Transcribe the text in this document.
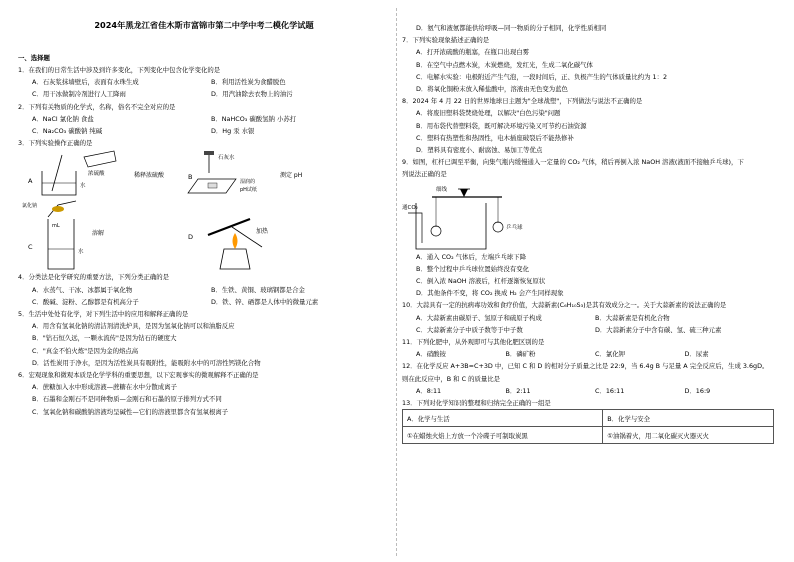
2024年黑龙江省佳木斯市富锦市第二中学中考二模化学试题
一、选择题
1．在我们的日常生活中涉及到许多变化，下列变化中包含化学变化的是
A．石灰浆抹墙壁后，表面有水珠生成	B．利用活性炭为食醋脱色
C．用干冰做制冷剂进行人工降雨	D．用汽油除去衣物上的油污
2．下列有关物质的化学式，名称，俗名不完全对应的是
A．NaCl 氯化钠 食盐	B．NaHCO₃ 碳酸氢钠 小苏打
C．Na₂CO₃ 碳酸钠 纯碱	D．Hg 汞 水银
3．下列实验操作正确的是
A
浓硫酸
水
稀释浓硫酸	B
石灰水
湿润的
pH试纸
测定 pH
氯化钠
C
mL
水
溶解	D
加热
4．分类法是化学研究的重要方法，下列分类正确的是
A．水蒸气、干冰、冰都属于氧化物	B．生铁、黄铜、玻璃钢都是合金
C．酸碱、淀粉、乙醇都是有机高分子	D．铁、锌、硒都是人体中的微量元素
5．生活中处处有化学，对下列生活中的应用和解释正确的是
A．用含有氢氧化钠的清洁剂清洗炉具，是因为氢氧化钠可以和油脂反应
B．"钻石恒久远，一颗永流传"是因为钻石的硬度大
C．"真金不怕火炼"是因为金的熔点高
D．活性炭用于净水，是因为活性炭具有吸附性，能吸附水中的可溶性钙镁化合物
6．宏观现象和微观本质是化学学科的重要思想，以下宏观事实的微观解释不正确的是
A．蔗糖加入水中形成溶液—蔗糖在水中分散成离子
B．石墨和金刚石不是同种物质—金刚石和石墨的原子排列方式不同
C．氢氧化钠和碳酸钠溶液均呈碱性—它们的溶液里都含有氢氧根离子
D．氨气和液氨都能供给呼吸—同一物质的分子相同，化学性质相同
7．下列实验现象描述正确的是
A．打开浓硫酸的瓶塞，在瓶口出现白雾
B．在空气中点燃木炭，木炭燃烧，发红光，生成二氧化碳气体
C．电解水实验：电极附近产生气泡，一段时间后，正、负极产生的气体质量比约为 1：2
D．将氧化铜粉末放入稀盐酸中，溶液由无色变为蓝色
8．2024 年 4 月 22 日的世界地球日主题为"全球战塑"，下列做法与说法不正确的是
A．将废旧塑料袋焚烧处理，以解决"白色污染"问题
B．用布袋代替塑料袋，既可解决环境污染又可节约石油资源
C．塑料有热塑性和热固性，电木插座破裂后不能热修补
D．塑料具有密度小、耐腐蚀、易加工等优点
9．如图，杠杆已调至平衡，向集气瓶内缓慢通入一定量的 CO₂ 气体，稍后再倒入浓 NaOH 溶液(液面不接触乒乓球)，下
列说法正确的是
细线
乒乓球
通CO₂
A．通入 CO₂ 气体后，左端乒乓球下降
B．整个过程中乒乓球位置始终没有变化
C．倒入浓 NaOH 溶液后，杠杆逐渐恢复原状
D．其他条件不变，将 CO₂ 换成 H₂ 会产生同样现象
10．大蒜具有一定的抗病毒功效和食疗价值，大蒜新素(C₆H₁₀S₃)是其有效成分之一。关于大蒜新素的说法正确的是
A．大蒜新素由碳原子、氢原子和硫原子构成	B．大蒜新素是有机化合物
C．大蒜新素分子中质子数等于中子数	D．大蒜新素分子中含有碳、氢、硫三种元素
11．下列化肥中，从外观即可与其他化肥区别的是
A．硝酸铵	B．磷矿粉	C．氯化钾	D．尿素
12．在化学反应 A+3B=C+3D 中，已知 C 和 D 的相对分子质量之比是 22:9，当 6.4g B 与足量 A 完全反应后，生成 3.6gD。
则在此反应中，B 和 C 的质量比是
A．8:11	B．2:11	C．16:11	D．16:9
13．下列对化学知识的整理和归纳完全正确的一组是
A．化学与生活	B．化学与安全
①在蜡烛火焰上方放一个冷碟子可制取炭黑	①油锅着火，用二氧化碳灭火器灭火
